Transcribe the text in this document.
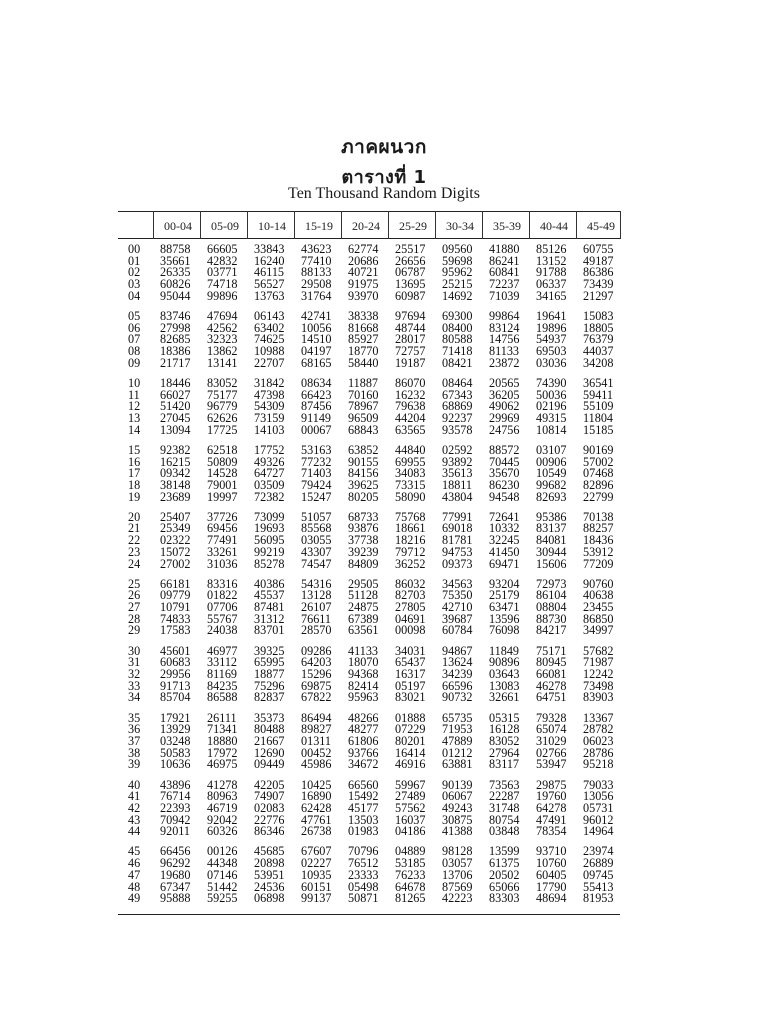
ภาคผนวก
ตารางที่ 1
Ten Thousand Random Digits
00-04	05-09	10-14	15-19	20-24	25-29	30-34	35-39	40-44	45-49
00	88758 66605 33843 43623 62774 25517 09560 41880 85126 60755
01	35661 42832 16240 77410 20686 26656 59698 86241 13152 49187
02	26335 03771 46115 88133 40721 06787 95962 60841 91788 86386
03	60826 74718 56527 29508 91975 13695 25215 72237 06337 73439
04	95044 99896 13763 31764 93970 60987 14692 71039 34165 21297
05	83746 47694 06143 42741 38338 97694 69300 99864 19641 15083
06	27998 42562 63402 10056 81668 48744 08400 83124 19896 18805
07	82685 32323 74625 14510 85927 28017 80588 14756 54937 76379
08	18386 13862 10988 04197 18770 72757 71418 81133 69503 44037
09	21717 13141 22707 68165 58440 19187 08421 23872 03036 34208
10	18446 83052 31842 08634 11887 86070 08464 20565 74390 36541
11	66027 75177 47398 66423 70160 16232 67343 36205 50036 59411
12	51420 96779 54309 87456 78967 79638 68869 49062 02196 55109
13	27045 62626 73159 91149 96509 44204 92237 29969 49315 11804
14	13094 17725 14103 00067 68843 63565 93578 24756 10814 15185
15	92382 62518 17752 53163 63852 44840 02592 88572 03107 90169
16	16215 50809 49326 77232 90155 69955 93892 70445 00906 57002
17	09342 14528 64727 71403 84156 34083 35613 35670 10549 07468
18	38148 79001 03509 79424 39625 73315 18811 86230 99682 82896
19	23689 19997 72382 15247 80205 58090 43804 94548 82693 22799
20	25407 37726 73099 51057 68733 75768 77991 72641 95386 70138
21	25349 69456 19693 85568 93876 18661 69018 10332 83137 88257
22	02322 77491 56095 03055 37738 18216 81781 32245 84081 18436
23	15072 33261 99219 43307 39239 79712 94753 41450 30944 53912
24	27002 31036 85278 74547 84809 36252 09373 69471 15606 77209
25	66181 83316 40386 54316 29505 86032 34563 93204 72973 90760
26	09779 01822 45537 13128 51128 82703 75350 25179 86104 40638
27	10791 07706 87481 26107 24875 27805 42710 63471 08804 23455
28	74833 55767 31312 76611 67389 04691 39687 13596 88730 86850
29	17583 24038 83701 28570 63561 00098 60784 76098 84217 34997
30	45601 46977 39325 09286 41133 34031 94867 11849 75171 57682
31	60683 33112 65995 64203 18070 65437 13624 90896 80945 71987
32	29956 81169 18877 15296 94368 16317 34239 03643 66081 12242
33	91713 84235 75296 69875 82414 05197 66596 13083 46278 73498
34	85704 86588 82837 67822 95963 83021 90732 32661 64751 83903
35	17921 26111 35373 86494 48266 01888 65735 05315 79328 13367
36	13929 71341 80488 89827 48277 07229 71953 16128 65074 28782
37	03248 18880 21667 01311 61806 80201 47889 83052 31029 06023
38	50583 17972 12690 00452 93766 16414 01212 27964 02766 28786
39	10636 46975 09449 45986 34672 46916 63881 83117 53947 95218
40	43896 41278 42205 10425 66560 59967 90139 73563 29875 79033
41	76714 80963 74907 16890 15492 27489 06067 22287 19760 13056
42	22393 46719 02083 62428 45177 57562 49243 31748 64278 05731
43	70942 92042 22776 47761 13503 16037 30875 80754 47491 96012
44	92011 60326 86346 26738 01983 04186 41388 03848 78354 14964
45	66456 00126 45685 67607 70796 04889 98128 13599 93710 23974
46	96292 44348 20898 02227 76512 53185 03057 61375 10760 26889
47	19680 07146 53951 10935 23333 76233 13706 20502 60405 09745
48	67347 51442 24536 60151 05498 64678 87569 65066 17790 55413
49	95888 59255 06898 99137 50871 81265 42223 83303 48694 81953
